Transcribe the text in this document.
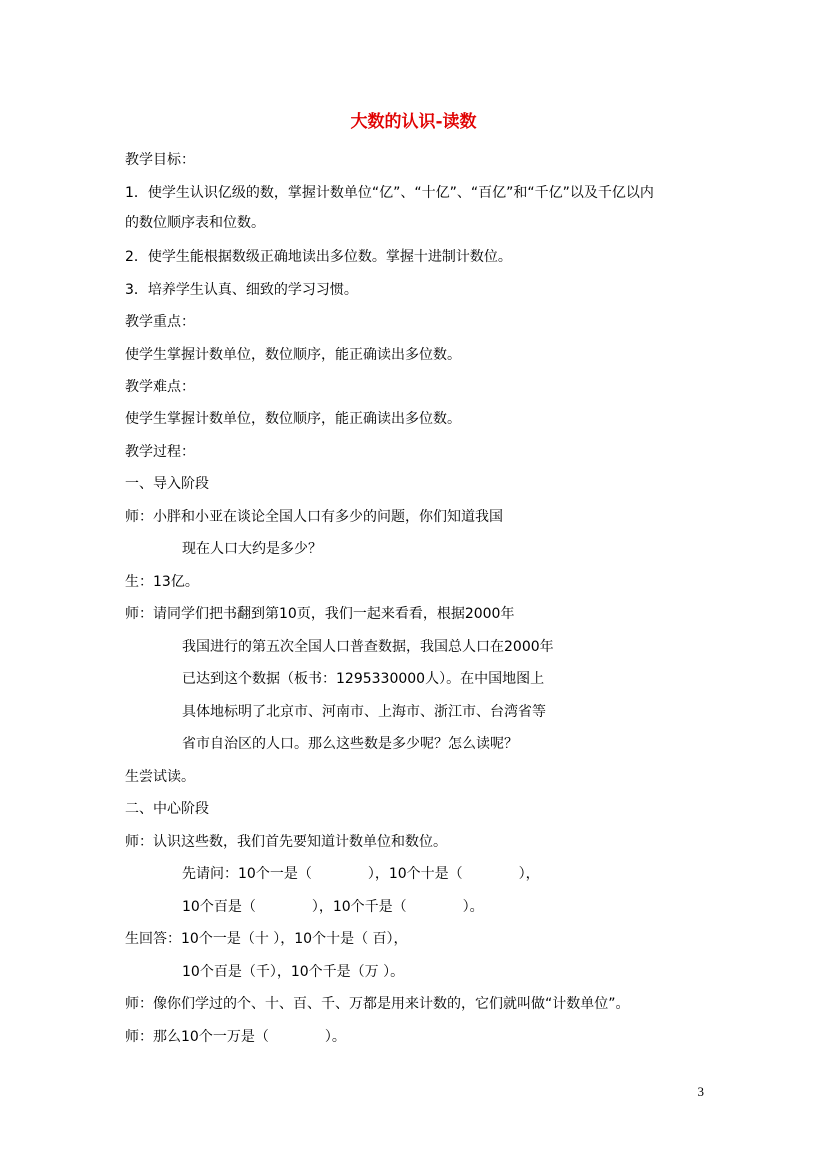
大数的认识-读数
教学目标：
1．使学生认识亿级的数，掌握计数单位“亿”、“十亿”、“百亿”和“千亿”以及千亿以内
的数位顺序表和位数。
2．使学生能根据数级正确地读出多位数。掌握十进制计数位。
3．培养学生认真、细致的学习习惯。
教学重点：
使学生掌握计数单位，数位顺序，能正确读出多位数。
教学难点：
使学生掌握计数单位，数位顺序，能正确读出多位数。
教学过程：
一、导入阶段
师：小胖和小亚在谈论全国人口有多少的问题，你们知道我国
现在人口大约是多少？
生：13亿。
师：请同学们把书翻到第10页，我们一起来看看，根据2000年
我国进行的第五次全国人口普查数据，我国总人口在2000年
已达到这个数据（板书：1295330000人）。在中国地图上
具体地标明了北京市、河南市、上海市、浙江市、台湾省等
省市自治区的人口。那么这些数是多少呢？怎么读呢？
生尝试读。
二、中心阶段
师：认识这些数，我们首先要知道计数单位和数位。
先请问：10个一是（　　　　），10个十是（　　　　），
10个百是（　　　　），10个千是（　　　　）。
生回答：10个一是（十 ），10个十是（ 百），
10个百是（千），10个千是（万 ）。
师：像你们学过的个、十、百、千、万都是用来计数的，它们就叫做“计数单位”。
师：那么10个一万是（　　　　）。
3
